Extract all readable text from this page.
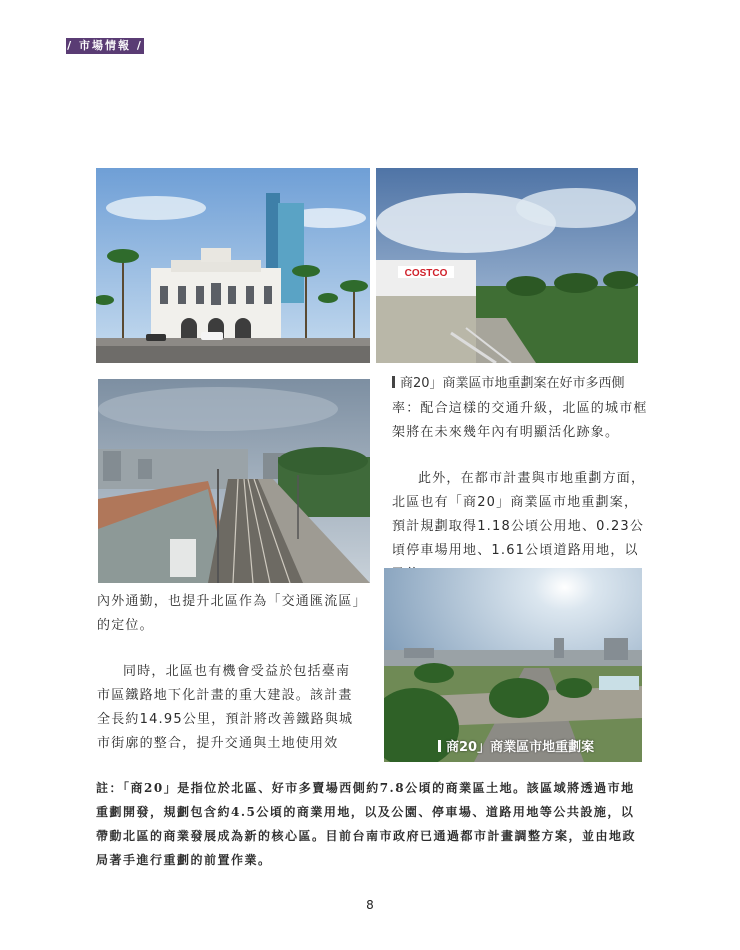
/ 市場情報 /
COSTCO
商20」商業區市地重劃案在好市多西側

率：配合這樣的交通升級，北區的城市框架將在未來幾年內有明顯活化跡象。

此外，在都市計畫與市地重劃方面，北區也有「商20」商業區市地重劃案，預計規劃取得1.18公頃公用地、0.23公頃停車場用地、1.61公頃道路用地，以

商20」商業區市地重劃案

內外通勤，也提升北區作為「交通匯流區」的定位。

同時，北區也有機會受益於包括臺南市區鐵路地下化計畫的重大建設。該計畫全長約14.95公里，預計將改善鐵路與城市街廓的整合，提升交通與土地使用效

註：「商20」是指位於北區、好市多賣場西側約7.8公頃的商業區土地。該區域將透過市地重劃開發，規劃包含約4.5公頃的商業用地，以及公園、停車場、道路用地等公共設施，以帶動北區的商業發展成為新的核心區。目前台南市政府已通過都市計畫調整方案，並由地政局著手進行重劃的前置作業。
8
